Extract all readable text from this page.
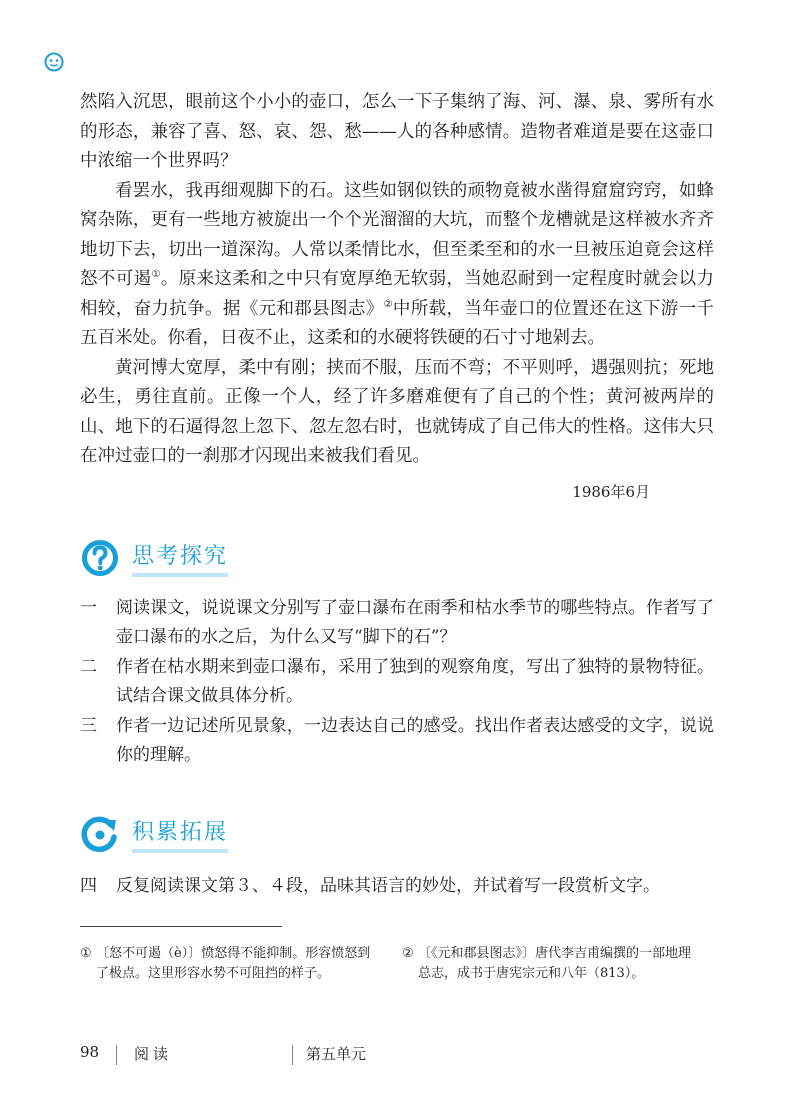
然陷入沉思，眼前这个小小的壶口，怎么一下子集纳了海、河、瀑、泉、雾所有水的形态，兼容了喜、怒、哀、怨、愁——人的各种感情。造物者难道是要在这壶口中浓缩一个世界吗？

看罢水，我再细观脚下的石。这些如钢似铁的顽物竟被水凿得窟窟窍窍，如蜂窝杂陈，更有一些地方被旋出一个个光溜溜的大坑，而整个龙槽就是这样被水齐齐地切下去，切出一道深沟。人常以柔情比水，但至柔至和的水一旦被压迫竟会这样怒不可遏①。原来这柔和之中只有宽厚绝无软弱，当她忍耐到一定程度时就会以力相较，奋力抗争。据《元和郡县图志》②中所载，当年壶口的位置还在这下游一千五百米处。你看，日夜不止，这柔和的水硬将铁硬的石寸寸地剁去。

黄河博大宽厚，柔中有刚；挟而不服，压而不弯；不平则呼，遇强则抗；死地必生，勇往直前。正像一个人，经了许多磨难便有了自己的个性；黄河被两岸的山、地下的石逼得忽上忽下、忽左忽右时，也就铸成了自己伟大的性格。这伟大只在冲过壶口的一刹那才闪现出来被我们看见。

1986年6月
思考探究
一	阅读课文，说说课文分别写了壶口瀑布在雨季和枯水季节的哪些特点。作者写了壶口瀑布的水之后，为什么又写“脚下的石”？
二	作者在枯水期来到壶口瀑布，采用了独到的观察角度，写出了独特的景物特征。试结合课文做具体分析。
三	作者一边记述所见景象，一边表达自己的感受。找出作者表达感受的文字，说说你的理解。
积累拓展
四	反复阅读课文第３、４段，品味其语言的妙处，并试着写一段赏析文字。
① 〔怒不可遏（è）〕愤怒得不能抑制。形容愤怒到了极点。这里形容水势不可阻挡的样子。
② 〔《元和郡县图志》〕唐代李吉甫编撰的一部地理总志，成书于唐宪宗元和八年（813）。
98 阅读	第五单元
